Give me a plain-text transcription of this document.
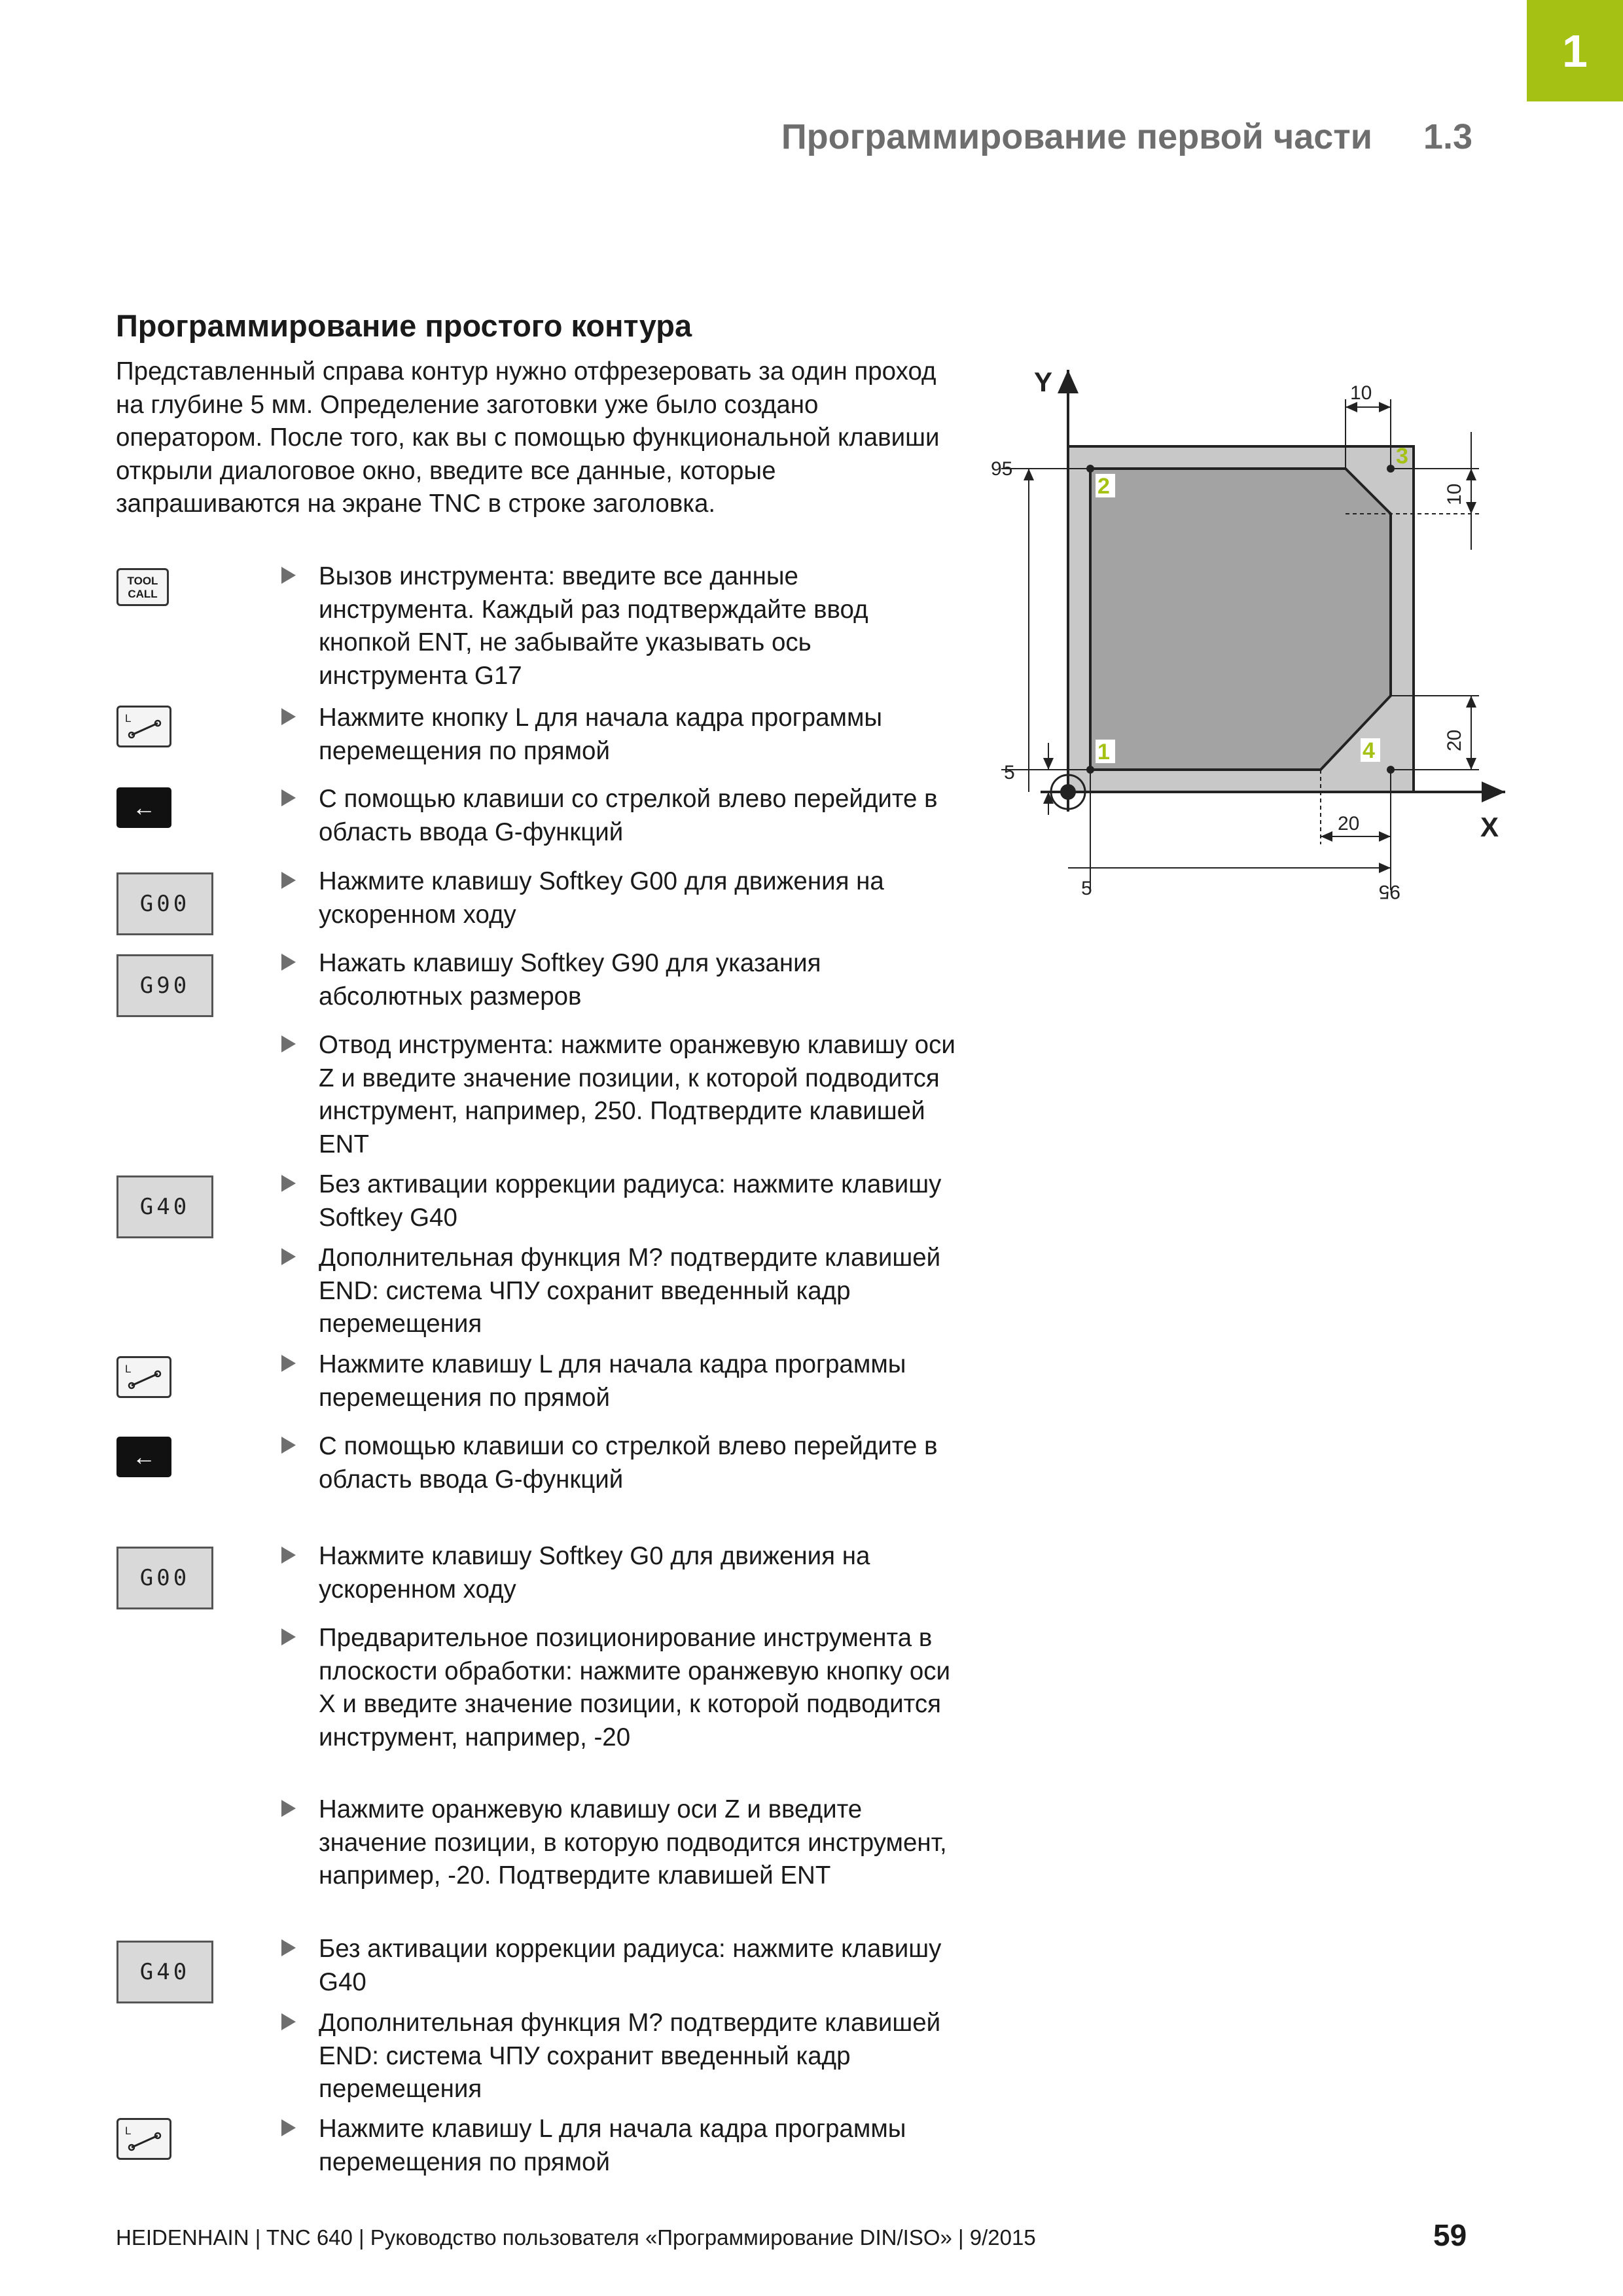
1
Программирование первой части 1.3
Программирование простого контура
Представленный справа контур нужно отфрезеровать за один проход на глубине 5 мм. Определение заготовки уже было создано оператором. После того, как вы с помощью функциональной клавиши открыли диалоговое окно, введите все данные, которые запрашиваются на экране TNC в строке заголовка.
TOOL
CALL
L
←
G00
G90
G40
L
←
G00
G40
L
Вызов инструмента: введите все данные инструмента. Каждый раз подтверждайте ввод кнопкой ENT, не забывайте указывать ось инструмента G17
Нажмите кнопку L для начала кадра программы перемещения по прямой
С помощью клавиши со стрелкой влево перейдите в область ввода G-функций
Нажмите клавишу Softkey G00 для движения на ускоренном ходу
Нажать клавишу Softkey G90 для указания абсолютных размеров
Отвод инструмента: нажмите оранжевую клавишу оси Z и введите значение позиции, к которой подводится инструмент, например, 250. Подтвердите клавишей ENT
Без активации коррекции радиуса: нажмите клавишу Softkey G40
Дополнительная функция M? подтвердите клавишей END: система ЧПУ сохранит введенный кадр перемещения
Нажмите клавишу L для начала кадра программы перемещения по прямой
С помощью клавиши со стрелкой влево перейдите в область ввода G-функций
Нажмите клавишу Softkey G0 для движения на ускоренном ходу
Предварительное позиционирование инструмента в плоскости обработки: нажмите оранжевую кнопку оси X и введите значение позиции, к которой подводится инструмент, например, -20
Нажмите оранжевую клавишу оси Z и введите значение позиции, в которую подводится инструмент, например, -20. Подтвердите клавишей ENT
Без активации коррекции радиуса: нажмите клавишу G40
Дополнительная функция M? подтвердите клавишей END: система ЧПУ сохранит введенный кадр перемещения
Нажмите клавишу L для начала кадра программы перемещения по прямой
Y
X
1
2
3
4
10
10
20
20
95
5
5	95
HEIDENHAIN | TNC 640 | Руководство пользователя «Программирование DIN/ISO» | 9/2015	59
